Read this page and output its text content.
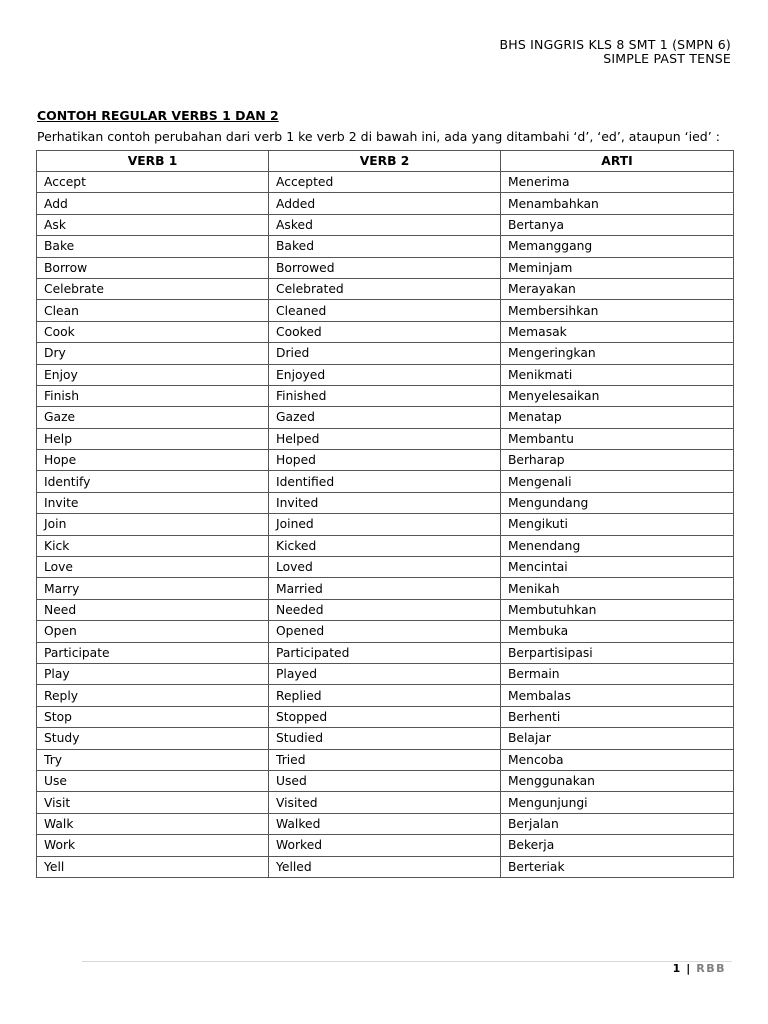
BHS INGGRIS KLS 8 SMT 1 (SMPN 6)
SIMPLE PAST TENSE
CONTOH REGULAR VERBS 1 DAN 2
Perhatikan contoh perubahan dari verb 1 ke verb 2 di bawah ini, ada yang ditambahi ‘d’, ‘ed’, ataupun ‘ied’ :
VERB 1	VERB 2	ARTI
Accept	Accepted	Menerima
Add	Added	Menambahkan
Ask	Asked	Bertanya
Bake	Baked	Memanggang
Borrow	Borrowed	Meminjam
Celebrate	Celebrated	Merayakan
Clean	Cleaned	Membersihkan
Cook	Cooked	Memasak
Dry	Dried	Mengeringkan
Enjoy	Enjoyed	Menikmati
Finish	Finished	Menyelesaikan
Gaze	Gazed	Menatap
Help	Helped	Membantu
Hope	Hoped	Berharap
Identify	Identified	Mengenali
Invite	Invited	Mengundang
Join	Joined	Mengikuti
Kick	Kicked	Menendang
Love	Loved	Mencintai
Marry	Married	Menikah
Need	Needed	Membutuhkan
Open	Opened	Membuka
Participate	Participated	Berpartisipasi
Play	Played	Bermain
Reply	Replied	Membalas
Stop	Stopped	Berhenti
Study	Studied	Belajar
Try	Tried	Mencoba
Use	Used	Menggunakan
Visit	Visited	Mengunjungi
Walk	Walked	Berjalan
Work	Worked	Bekerja
Yell	Yelled	Berteriak
1 | RBB
